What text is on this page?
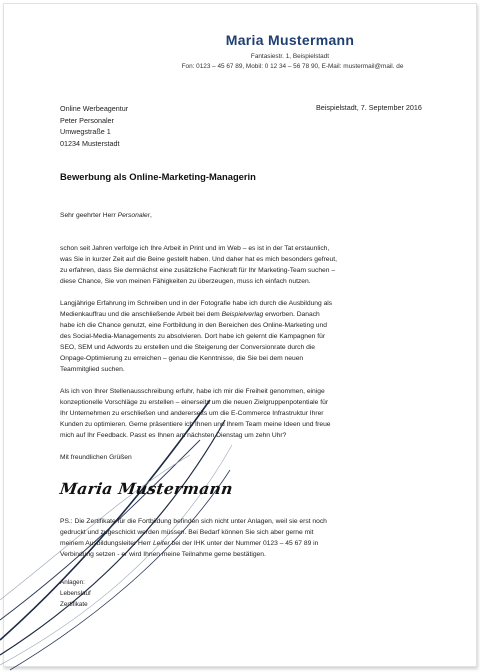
Maria Mustermann
Fantasiestr. 1, Beispielstadt
Fon: 0123 – 45 67 89, Mobil: 0 12 34 – 56 78 90, E-Mail: mustermail@mail. de
Online Werbeagentur
Peter Personaler
Umwegstraße 1
01234 Musterstadt
Beispielstadt, 7. September 2016
Bewerbung als Online-Marketing-Managerin

Sehr geehrter Herr Personaler,

schon seit Jahren verfolge ich Ihre Arbeit in Print und im Web – es ist in der Tat erstaunlich,

was Sie in kurzer Zeit auf die Beine gestellt haben. Und daher hat es mich besonders gefreut,

zu erfahren, dass Sie demnächst eine zusätzliche Fachkraft für Ihr Marketing-Team suchen –

diese Chance, Sie von meinen Fähigkeiten zu überzeugen, muss ich einfach nutzen.

Langjährige Erfahrung im Schreiben und in der Fotografie habe ich durch die Ausbildung als

Medienkauffrau und die anschließende Arbeit bei dem Beispielverlag erworben. Danach

habe ich die Chance genutzt, eine Fortbildung in den Bereichen des Online-Marketing und

des Social-Media-Managements zu absolvieren. Dort habe ich gelernt die Kampagnen für

SEO, SEM und Adwords zu erstellen und die Steigerung der Conversionrate durch die

Onpage-Optimierung zu erreichen – genau die Kenntnisse, die Sie bei dem neuen

Teammitglied suchen.

Als ich von Ihrer Stellenausschreibung erfuhr, habe ich mir die Freiheit genommen, einige

konzeptionelle Vorschläge zu erstellen – einerseits um die neuen Zielgruppenpotentiale für

Ihr Unternehmen zu erschließen und andererseits um die E-Commerce Infrastruktur Ihrer

Kunden zu optimieren. Gerne präsentiere ich Ihnen und Ihrem Team meine Ideen und freue

mich auf Ihr Feedback. Passt es Ihnen am nächsten Dienstag um zehn Uhr?

Mit freundlichen Grüßen

Maria Mustermann

PS.: Die Zertifikate für die Fortbildung befinden sich nicht unter Anlagen, weil sie erst noch

gedruckt und zugeschickt werden müssen. Bei Bedarf können Sie sich aber gerne mit

meinem Ausbildungsleiter Herr Leiter bei der IHK unter der Nummer 0123 – 45 67 89 in

Verbindung setzen - er wird Ihnen meine Teilnahme gerne bestätigen.

Anlagen:
Lebenslauf
Zertifikate
